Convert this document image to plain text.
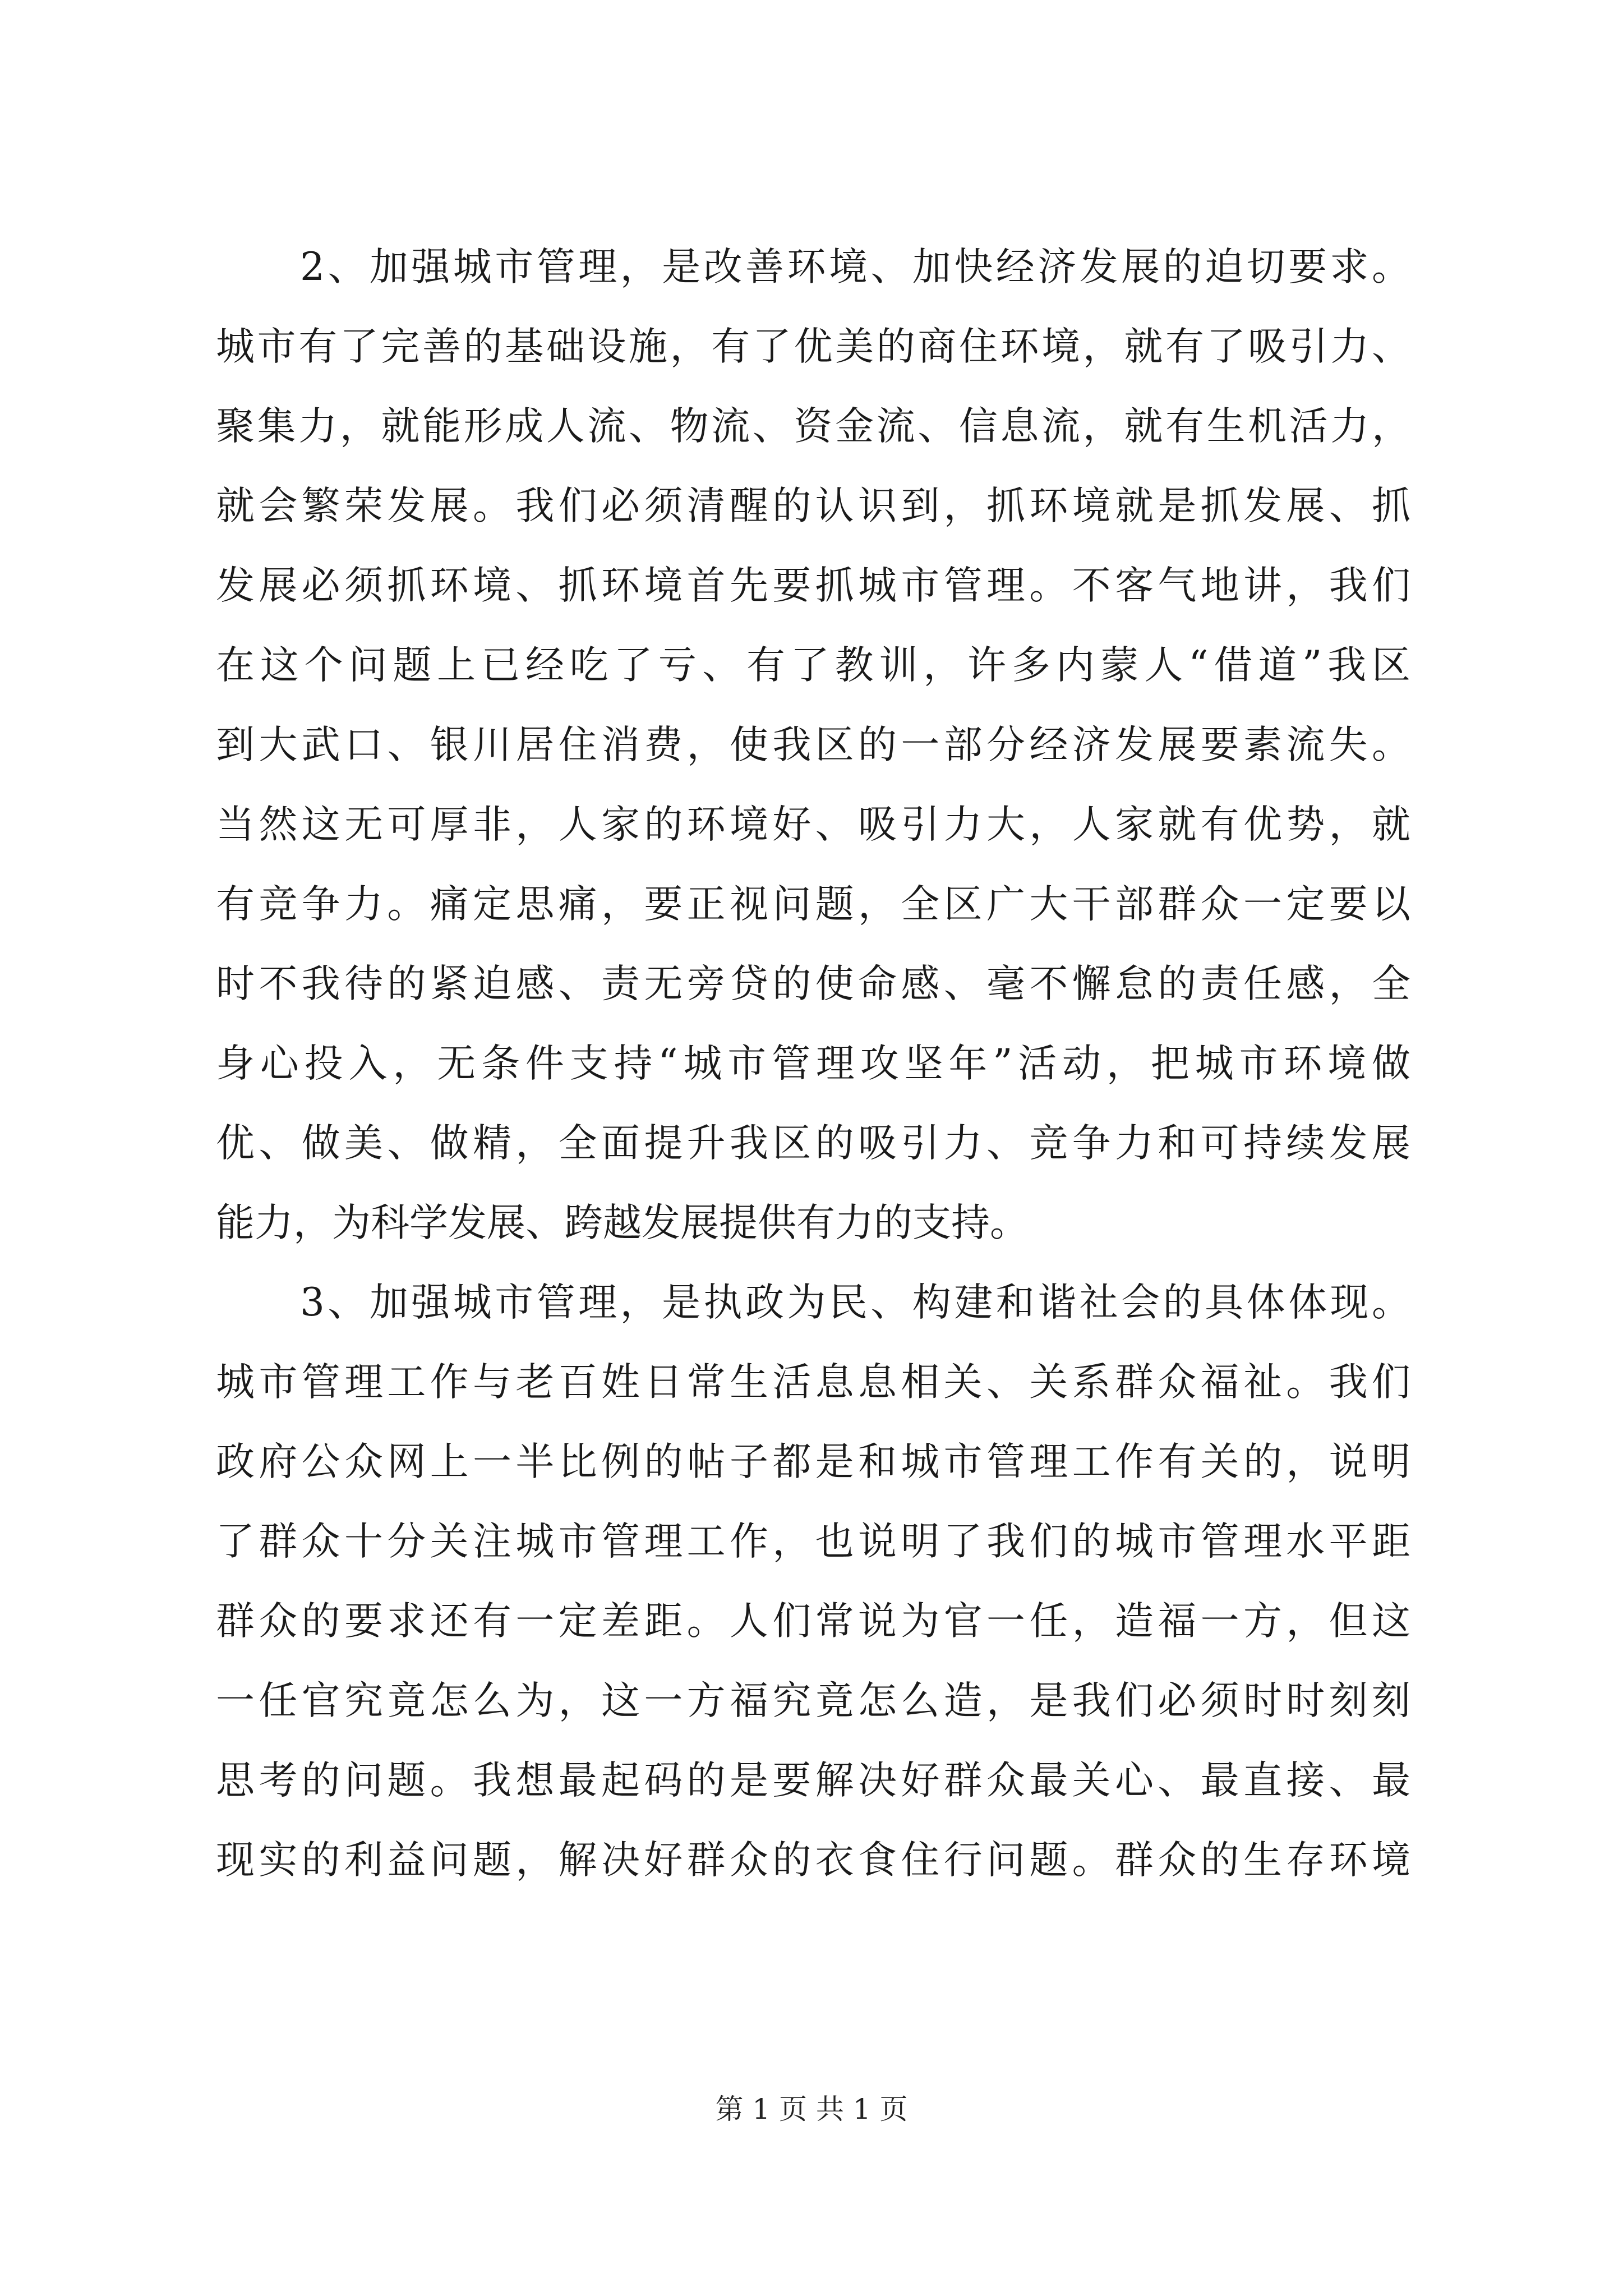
2、加强城市管理，是改善环境、加快经济发展的迫切要求。
城市有了完善的基础设施，有了优美的商住环境，就有了吸引力、
聚集力，就能形成人流、物流、资金流、信息流，就有生机活力，
就会繁荣发展。我们必须清醒的认识到，抓环境就是抓发展、抓
发展必须抓环境、抓环境首先要抓城市管理。不客气地讲，我们
在这个问题上已经吃了亏、有了教训，许多内蒙人“借道”我区
到大武口、银川居住消费，使我区的一部分经济发展要素流失。
当然这无可厚非，人家的环境好、吸引力大，人家就有优势，就
有竞争力。痛定思痛，要正视问题，全区广大干部群众一定要以
时不我待的紧迫感、责无旁贷的使命感、毫不懈怠的责任感，全
身心投入，无条件支持“城市管理攻坚年”活动，把城市环境做
优、做美、做精，全面提升我区的吸引力、竞争力和可持续发展
能力，为科学发展、跨越发展提供有力的支持。
3、加强城市管理，是执政为民、构建和谐社会的具体体现。
城市管理工作与老百姓日常生活息息相关、关系群众福祉。我们
政府公众网上一半比例的帖子都是和城市管理工作有关的，说明
了群众十分关注城市管理工作，也说明了我们的城市管理水平距
群众的要求还有一定差距。人们常说为官一任，造福一方，但这
一任官究竟怎么为，这一方福究竟怎么造，是我们必须时时刻刻
思考的问题。我想最起码的是要解决好群众最关心、最直接、最
现实的利益问题，解决好群众的衣食住行问题。群众的生存环境
第 1 页 共 1 页
